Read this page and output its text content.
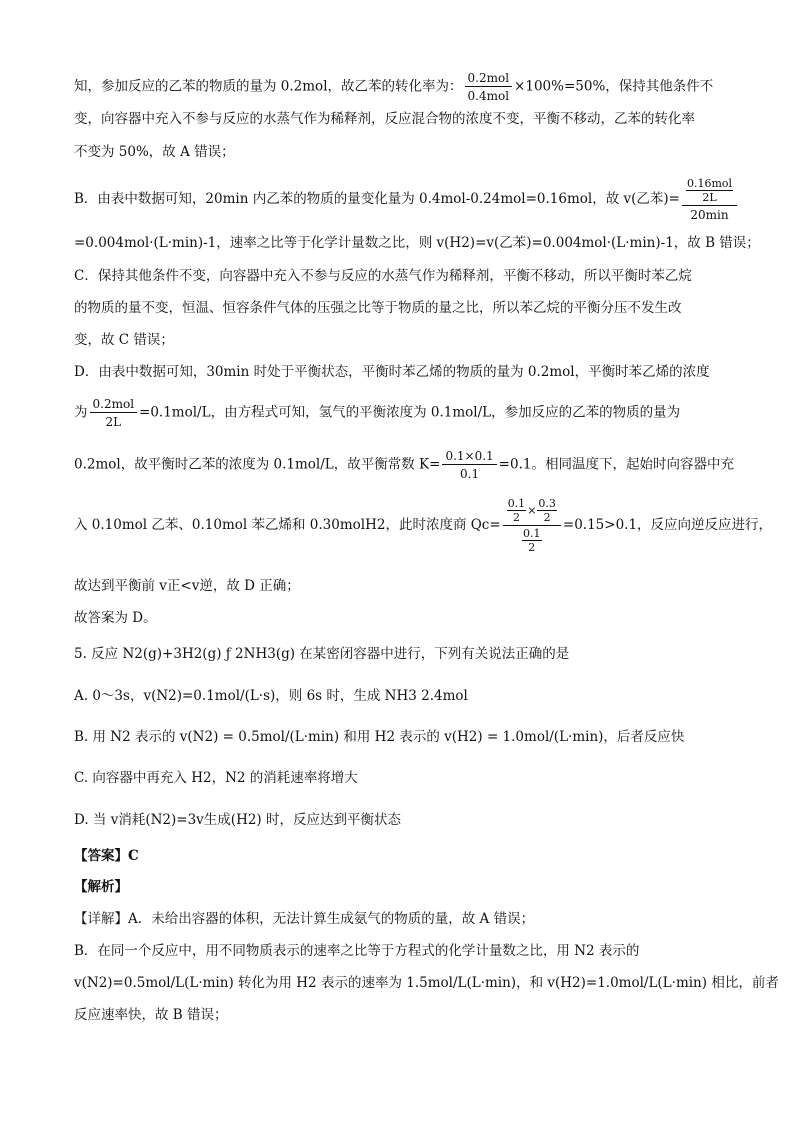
知，参加反应的乙苯的物质的量为 0.2mol，故乙苯的转化率为： $\frac{\text{0.2mol}}{\text{0.4mol}} \times 100\%=50\%$，保持其他条件不
变，向容器中充入不参与反应的水蒸气作为稀释剂，反应混合物的浓度不变，平衡不移动，乙苯的转化率
不变为 50%，故 A 错误；
B．由表中数据可知，20min 内乙苯的物质的量变化量为 0.4mol-0.24mol=0.16mol，故 v(乙苯)= 0.16mol
2L
20min
=0.004mol·(L·min)-1，速率之比等于化学计量数之比，则 v(H2)=v(乙苯)=0.004mol·(L·min)-1，故 B 错误；
C．保持其他条件不变，向容器中充入不参与反应的水蒸气作为稀释剂，平衡不移动，所以平衡时苯乙烷
的物质的量不变，恒温、恒容条件气体的压强之比等于物质的量之比，所以苯乙烷的平衡分压不发生改
变，故 C 错误；
D．由表中数据可知，30min 时处于平衡状态，平衡时苯乙烯的物质的量为 0.2mol，平衡时苯乙烯的浓度
为 $\frac{\text{0.2mol}}{2L} =0.1mol/L$，由方程式可知，氢气的平衡浓度为 0.1mol/L，参加反应的乙苯的物质的量为
0.2mol，故平衡时乙苯的浓度为 0.1mol/L，故平衡常数 $K= \frac{0.1\times 0.1}{0.1} =0.1$。相同温度下，起始时向容器中充
入 0.10mol 乙苯、0.10mol 苯乙烯和 0.30molH2，此时浓度商 $Qc= \frac{\frac{0.1}{2} \times \frac{0.3}{2}}{\frac{0.1}{2}} =0.15>0.1$，反应向逆反应进行，
故达到平衡前 v正<v逆，故 D 正确；
故答案为 D。
5. 反应 N2(g)+3H2(g) ƒ 2NH3(g) 在某密闭容器中进行，下列有关说法正确的是
A. 0～3s，v(N2)=0.1mol/(L·s)，则 6s 时，生成 NH3 2.4mol
B. 用 N2 表示的 v(N2) = 0.5mol/(L·min) 和用 H2 表示的 v(H2) = 1.0mol/(L·min)，后者反应快
C. 向容器中再充入 H2，N2 的消耗速率将增大
D. 当 v消耗(N2)=3v生成(H2) 时，反应达到平衡状态
【答案】C
【解析】
【详解】A．未给出容器的体积，无法计算生成氨气的物质的量，故 A 错误；
B．在同一个反应中，用不同物质表示的速率之比等于方程式的化学计量数之比，用 N2 表示的
v(N2)=0.5mol/L(L·min) 转化为用 H2 表示的速率为 1.5mol/L(L·min)，和 v(H2)=1.0mol/L(L·min) 相比，前者
反应速率快，故 B 错误；
